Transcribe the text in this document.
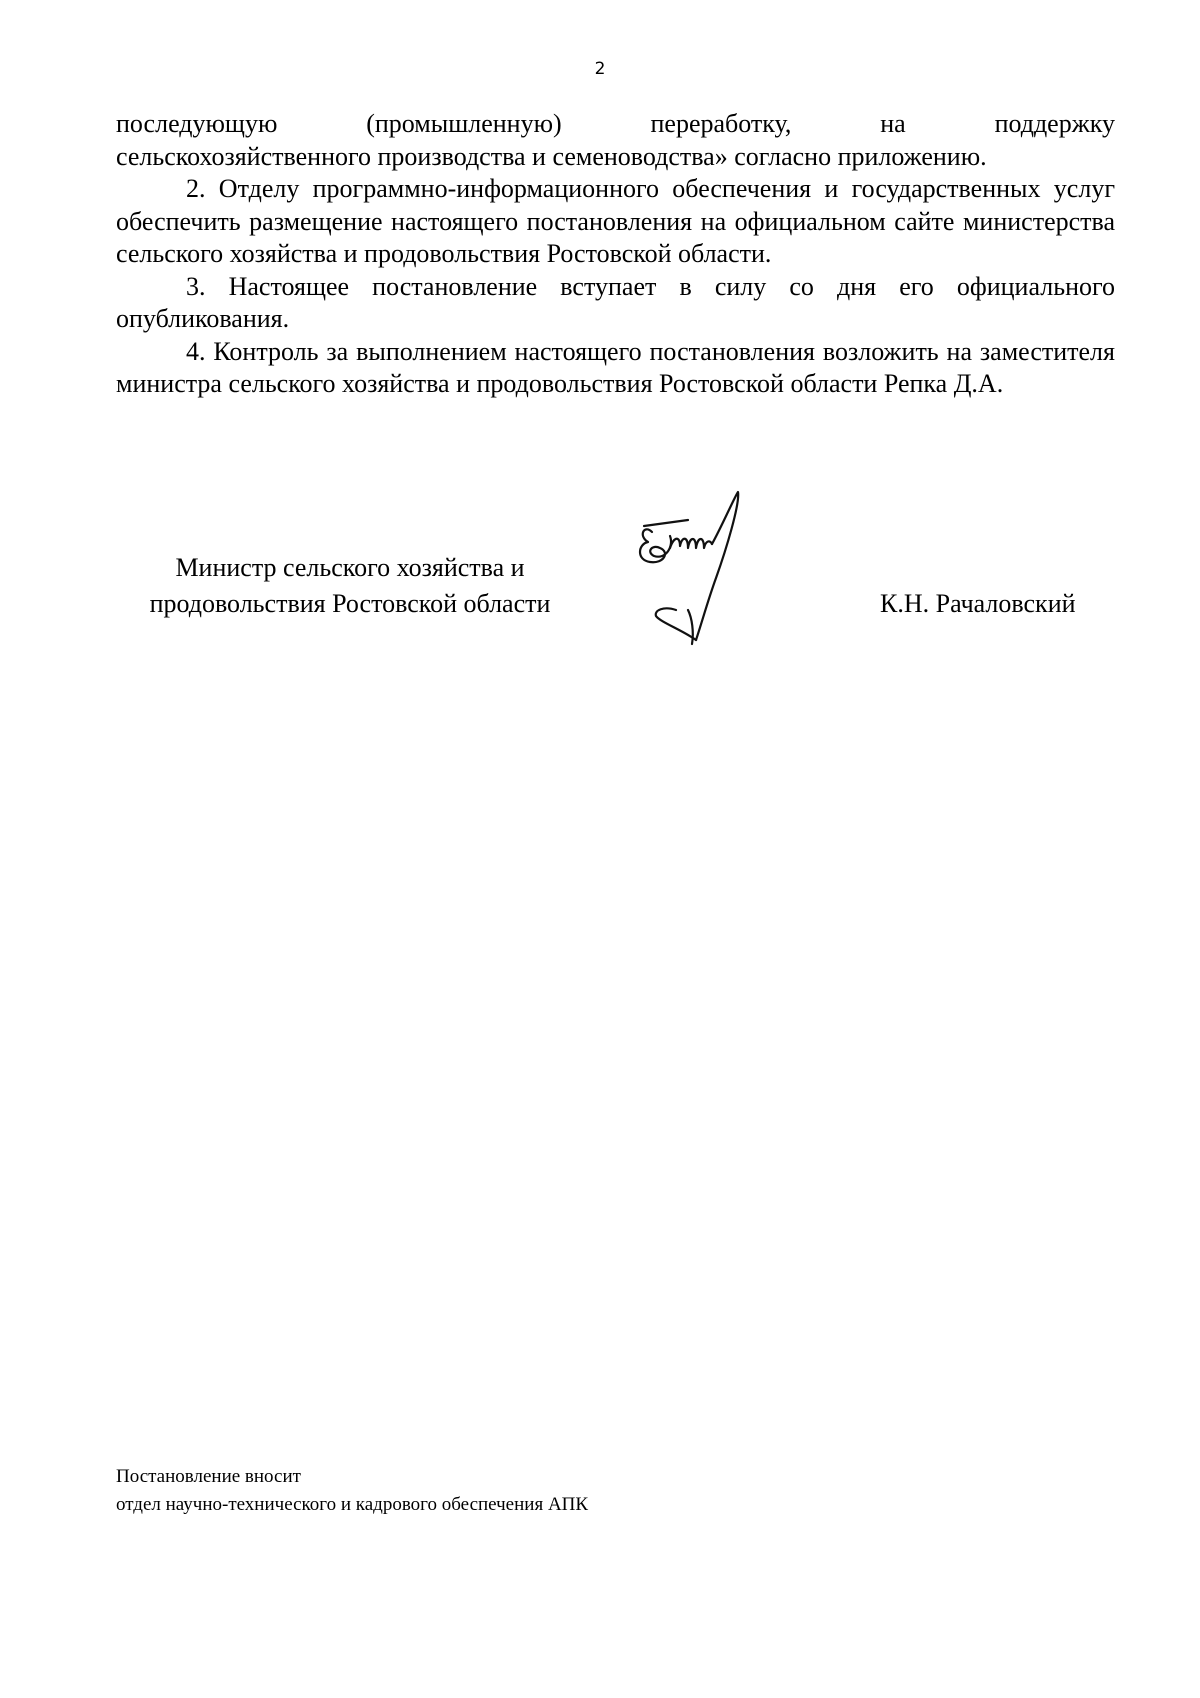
2
последующую	(промышленную)	переработку,	на	поддержку

сельскохозяйственного производства и семеноводства» согласно приложению.

2. Отделу программно-информационного обеспечения и государственных услуг обеспечить размещение настоящего постановления на официальном сайте министерства сельского хозяйства и продовольствия Ростовской области.

3. Настоящее постановление вступает в силу со дня его официального опубликования.

4. Контроль за выполнением настоящего постановления возложить на заместителя министра сельского хозяйства и продовольствия Ростовской области Репка Д.А.

Министр сельского хозяйства и
продовольствия Ростовской области	К.Н. Рачаловский
Постановление вносит
отдел научно-технического и кадрового обеспечения АПК
